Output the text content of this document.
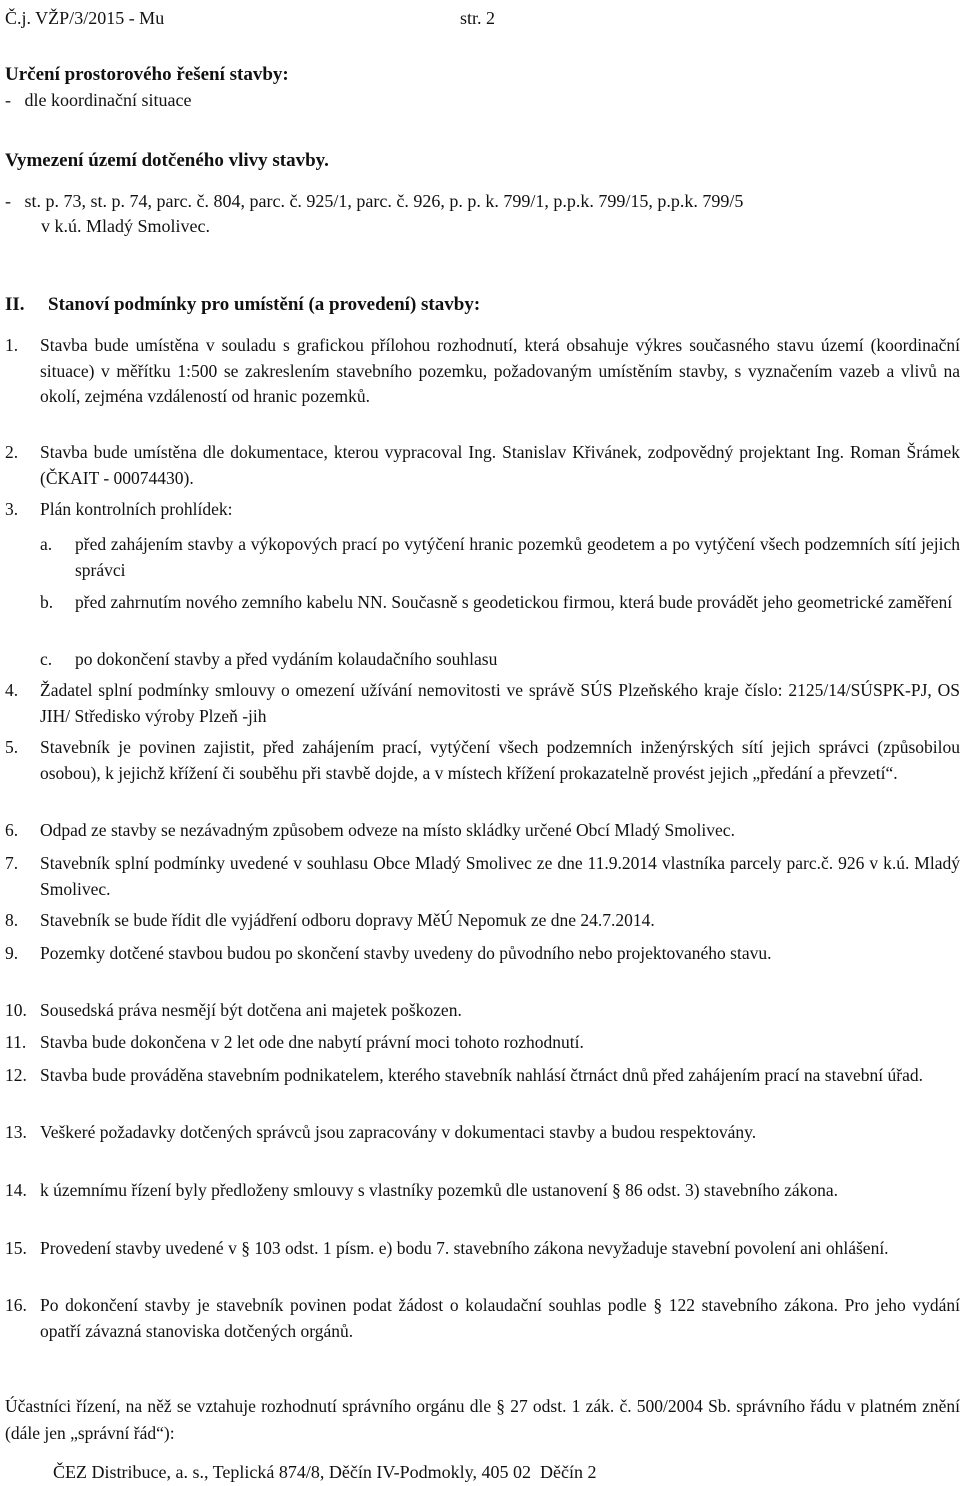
Č.j. VŽP/3/2015 - Mu	str. 2
Určení prostorového řešení stavby:
-   dle koordinační situace
Vymezení území dotčeného vlivy stavby.
-   st. p. 73, st. p. 74, parc. č. 804, parc. č. 925/1, parc. č. 926, p. p. k. 799/1, p.p.k. 799/15, p.p.k. 799/5
v k.ú. Mladý Smolivec.
II. Stanoví podmínky pro umístění (a provedení) stavby:
1. Stavba bude umístěna v souladu s grafickou přílohou rozhodnutí, která obsahuje výkres současného stavu území (koordinační situace) v měřítku 1:500 se zakreslením stavebního pozemku, požadovaným umístěním stavby, s vyznačením vazeb a vlivů na okolí, zejména vzdáleností od hranic pozemků.
2. Stavba bude umístěna dle dokumentace, kterou vypracoval Ing. Stanislav Křivánek, zodpovědný projektant Ing. Roman Šrámek (ČKAIT - 00074430).
3. Plán kontrolních prohlídek:
a. před zahájením stavby a výkopových prací po vytýčení hranic pozemků geodetem a po vytýčení všech podzemních sítí jejich správci
b. před zahrnutím nového zemního kabelu NN. Současně s geodetickou firmou, která bude provádět jeho geometrické zaměření
c. po dokončení stavby a před vydáním kolaudačního souhlasu
4. Žadatel splní podmínky smlouvy o omezení užívání nemovitosti ve správě SÚS Plzeňského kraje číslo: 2125/14/SÚSPK-PJ, OS JIH/ Středisko výroby Plzeň -jih
5. Stavebník je povinen zajistit, před zahájením prací, vytýčení všech podzemních inženýrských sítí jejich správci (způsobilou osobou), k jejichž křížení či souběhu při stavbě dojde, a v místech křížení prokazatelně provést jejich „předání a převzetí“.
6. Odpad ze stavby se nezávadným způsobem odveze na místo skládky určené Obcí Mladý Smolivec.
7. Stavebník splní podmínky uvedené v souhlasu Obce Mladý Smolivec ze dne 11.9.2014 vlastníka parcely parc.č. 926 v k.ú. Mladý Smolivec.
8. Stavebník se bude řídit dle vyjádření odboru dopravy MěÚ Nepomuk ze dne 24.7.2014.
9. Pozemky dotčené stavbou budou po skončení stavby uvedeny do původního nebo projektovaného stavu.
10. Sousedská práva nesmějí být dotčena ani majetek poškozen.
11. Stavba bude dokončena v 2 let ode dne nabytí právní moci tohoto rozhodnutí.
12. Stavba bude prováděna stavebním podnikatelem, kterého stavebník nahlásí čtrnáct dnů před zahájením prací na stavební úřad.
13. Veškeré požadavky dotčených správců jsou zapracovány v dokumentaci stavby a budou respektovány.
14. k územnímu řízení byly předloženy smlouvy s vlastníky pozemků dle ustanovení § 86 odst. 3) stavebního zákona.
15. Provedení stavby uvedené v § 103 odst. 1 písm. e) bodu 7. stavebního zákona nevyžaduje stavební povolení ani ohlášení.
16. Po dokončení stavby je stavebník povinen podat žádost o kolaudační souhlas podle § 122 stavebního zákona. Pro jeho vydání opatří závazná stanoviska dotčených orgánů.
Účastníci řízení, na něž se vztahuje rozhodnutí správního orgánu dle § 27 odst. 1 zák. č. 500/2004 Sb. správního řádu v platném znění (dále jen „správní řád“):
ČEZ Distribuce, a. s., Teplická 874/8, Děčín IV-Podmokly, 405 02  Děčín 2
